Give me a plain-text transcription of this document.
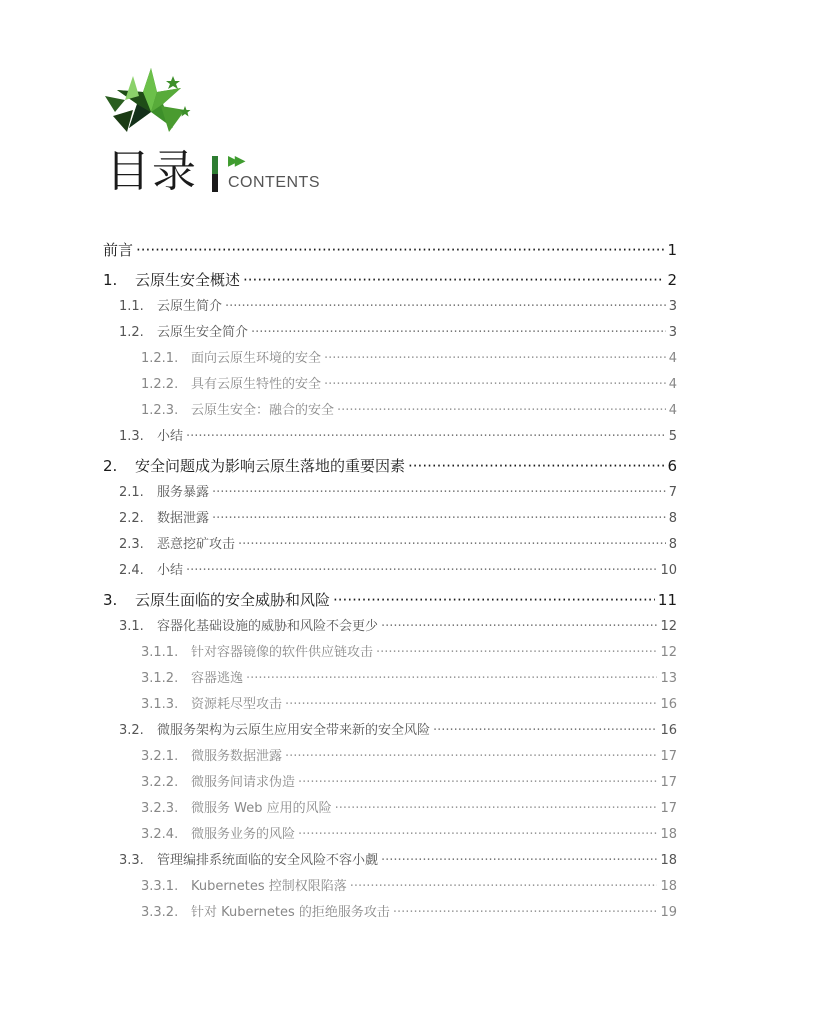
目录 ▶▶
CONTENTS
前言 ·····	1
1.	云原生安全概述 ·····	2
1.1.	云原生简介 ·····	3
1.2.	云原生安全简介 ·····	3
1.2.1. 面向云原生环境的安全 ·····	4
1.2.2. 具有云原生特性的安全 ·····	4
1.2.3. 云原生安全：融合的安全 ·····	4
1.3.	小结 ·····	5
2.	安全问题成为影响云原生落地的重要因素 ·····	6
2.1.	服务暴露 ·····	7
2.2.	数据泄露 ·····	8
2.3.	恶意挖矿攻击 ·····	8
2.4.	小结 ·····	10
3.	云原生面临的安全威胁和风险 ·····	11
3.1.	容器化基础设施的威胁和风险不会更少 ·····	12
3.1.1. 针对容器镜像的软件供应链攻击 ·····	12
3.1.2. 容器逃逸 ·····	13
3.1.3. 资源耗尽型攻击 ·····	16
3.2.	微服务架构为云原生应用安全带来新的安全风险 ·····	16
3.2.1. 微服务数据泄露 ·····	17
3.2.2. 微服务间请求伪造 ·····	17
3.2.3. 微服务 Web 应用的风险 ·····	17
3.2.4. 微服务业务的风险 ·····	18
3.3.	管理编排系统面临的安全风险不容小觑 ·····	18
3.3.1. Kubernetes 控制权限陷落 ·····	18
3.3.2. 针对 Kubernetes 的拒绝服务攻击 ·····	19
